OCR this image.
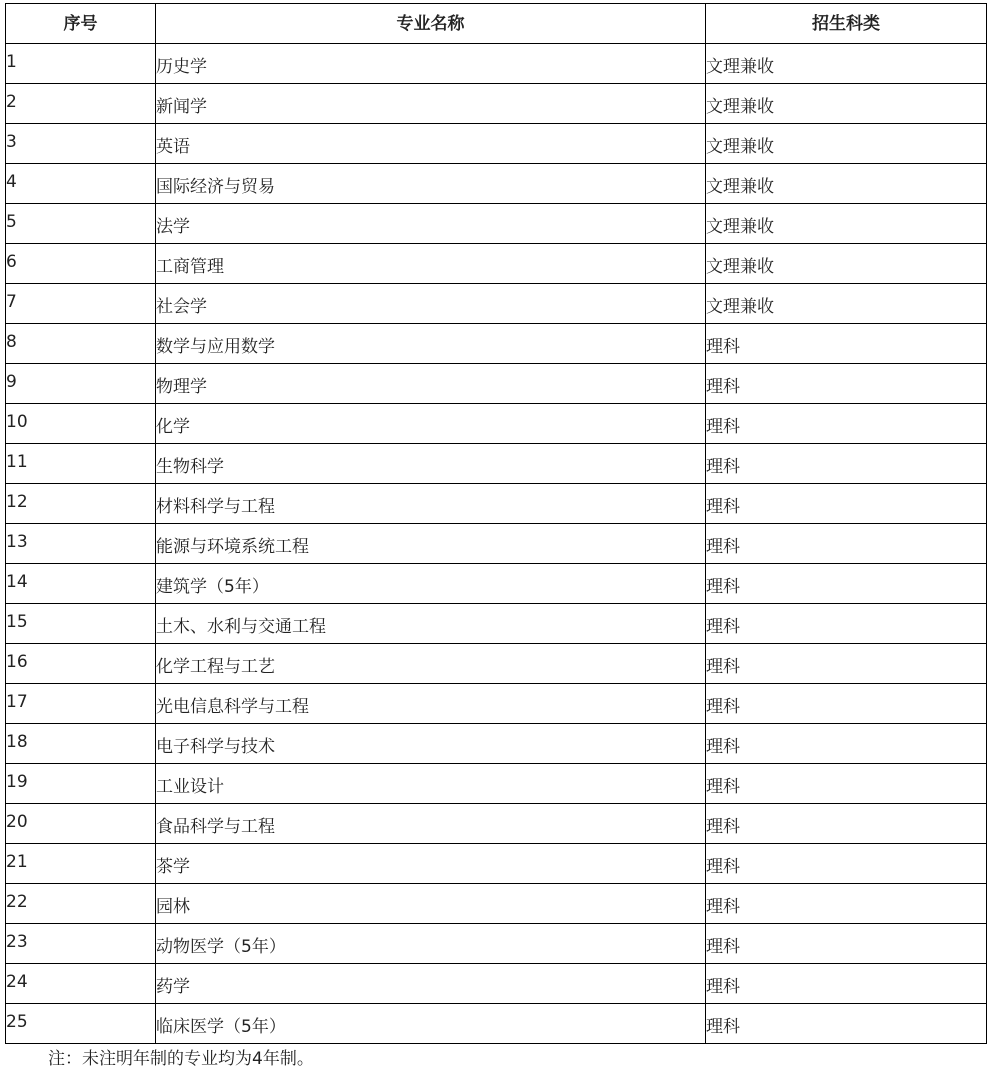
序号	专业名称	招生科类
1	历史学	文理兼收
2	新闻学	文理兼收
3	英语	文理兼收
4	国际经济与贸易	文理兼收
5	法学	文理兼收
6	工商管理	文理兼收
7	社会学	文理兼收
8	数学与应用数学	理科
9	物理学	理科
10	化学	理科
11	生物科学	理科
12	材料科学与工程	理科
13	能源与环境系统工程	理科
14	建筑学（5年）	理科
15	土木、水利与交通工程	理科
16	化学工程与工艺	理科
17	光电信息科学与工程	理科
18	电子科学与技术	理科
19	工业设计	理科
20	食品科学与工程	理科
21	茶学	理科
22	园林	理科
23	动物医学（5年）	理科
24	药学	理科
25	临床医学（5年）	理科
注：未注明年制的专业均为4年制。
